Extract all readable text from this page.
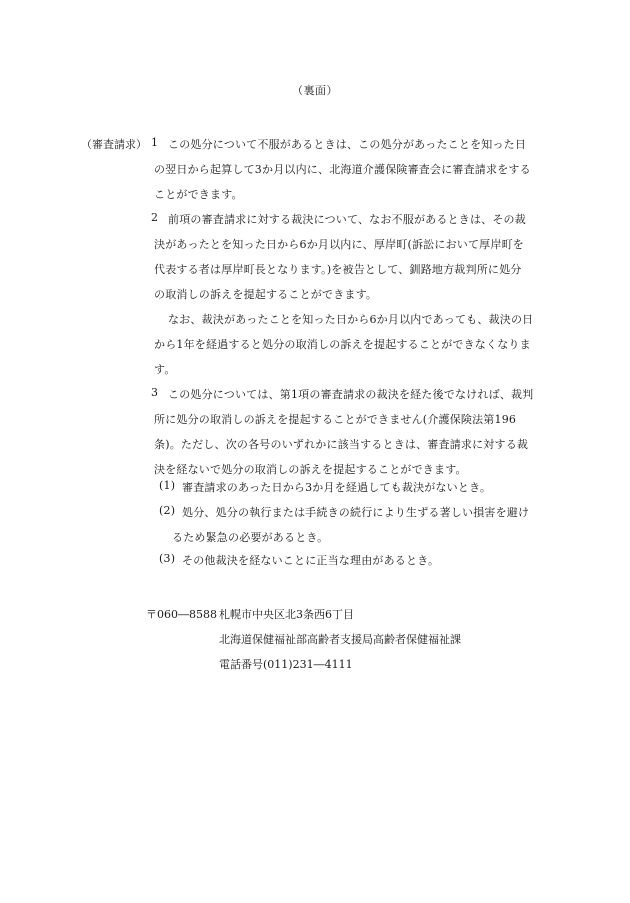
（裏面）
（審査請求） 1 この処分について不服があるときは、この処分があったことを知った日
の翌日から起算して3か月以内に、北海道介護保険審査会に審査請求をする
ことができます。
2 前項の審査請求に対する裁決について、なお不服があるときは、その裁
決があったとを知った日から6か月以内に、厚岸町(訴訟において厚岸町を
代表する者は厚岸町長となります。)を被告として、釧路地方裁判所に処分
の取消しの訴えを提起することができます。
なお、裁決があったことを知った日から6か月以内であっても、裁決の日
から1年を経過すると処分の取消しの訴えを提起することができなくなりま
す。
3 この処分については、第1項の審査請求の裁決を経た後でなければ、裁判
所に処分の取消しの訴えを提起することができません(介護保険法第196
条)。ただし、次の各号のいずれかに該当するときは、審査請求に対する裁
決を経ないで処分の取消しの訴えを提起することができます。
(1) 審査請求のあった日から3か月を経過しても裁決がないとき。
(2) 処分、処分の執行または手続きの続行により生ずる著しい損害を避け
るため緊急の必要があるとき。
(3) その他裁決を経ないことに正当な理由があるとき。
〒060―8588 札幌市中央区北3条西6丁目
北海道保健福祉部高齢者支援局高齢者保健福祉課
電話番号(011)231―4111
